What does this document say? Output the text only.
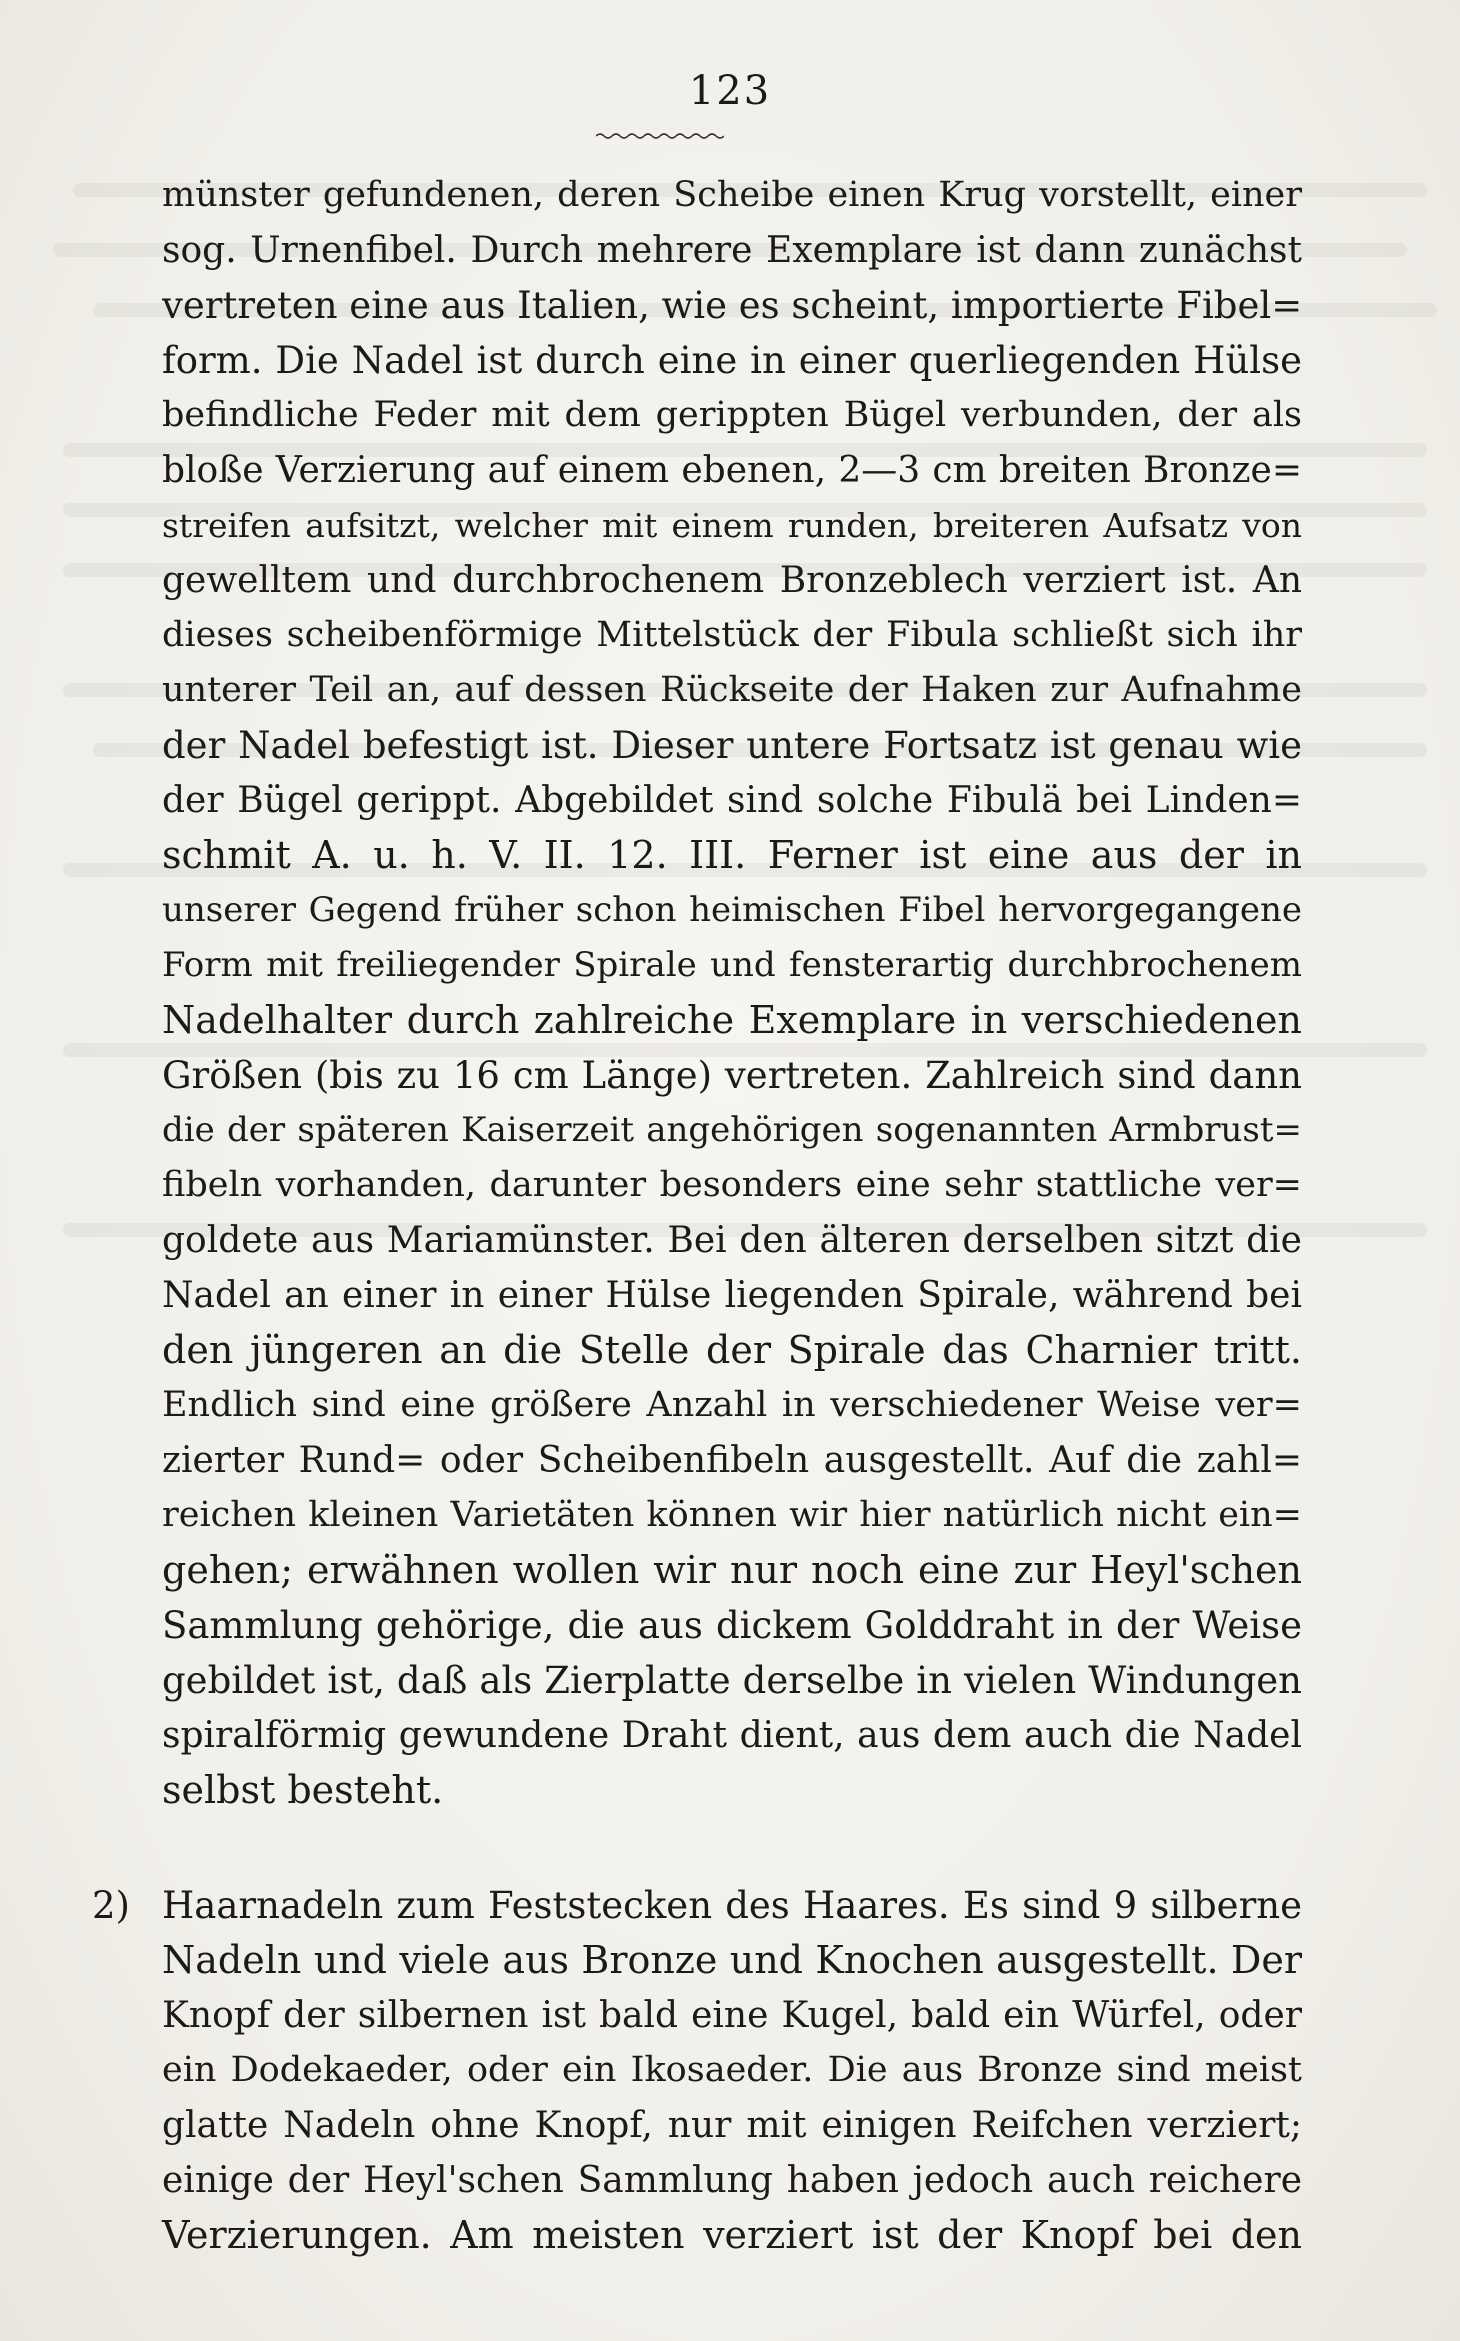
123
münster gefundenen, deren Scheibe einen Krug vorstellt, einer
sog. Urnenfibel. Durch mehrere Exemplare ist dann zunächst
vertreten eine aus Italien, wie es scheint, importierte Fibel=
form. Die Nadel ist durch eine in einer querliegenden Hülse
befindliche Feder mit dem gerippten Bügel verbunden, der als
bloße Verzierung auf einem ebenen, 2—3 cm breiten Bronze=
streifen aufsitzt, welcher mit einem runden, breiteren Aufsatz von
gewelltem und durchbrochenem Bronzeblech verziert ist. An
dieses scheibenförmige Mittelstück der Fibula schließt sich ihr
unterer Teil an, auf dessen Rückseite der Haken zur Aufnahme
der Nadel befestigt ist. Dieser untere Fortsatz ist genau wie
der Bügel gerippt. Abgebildet sind solche Fibulä bei Linden=
schmit A. u. h. V. II. 12. III. Ferner ist eine aus der in
unserer Gegend früher schon heimischen Fibel hervorgegangene
Form mit freiliegender Spirale und fensterartig durchbrochenem
Nadelhalter durch zahlreiche Exemplare in verschiedenen
Größen (bis zu 16 cm Länge) vertreten. Zahlreich sind dann
die der späteren Kaiserzeit angehörigen sogenannten Armbrust=
fibeln vorhanden, darunter besonders eine sehr stattliche ver=
goldete aus Mariamünster. Bei den älteren derselben sitzt die
Nadel an einer in einer Hülse liegenden Spirale, während bei
den jüngeren an die Stelle der Spirale das Charnier tritt.
Endlich sind eine größere Anzahl in verschiedener Weise ver=
zierter Rund= oder Scheibenfibeln ausgestellt. Auf die zahl=
reichen kleinen Varietäten können wir hier natürlich nicht ein=
gehen; erwähnen wollen wir nur noch eine zur Heyl'schen
Sammlung gehörige, die aus dickem Golddraht in der Weise
gebildet ist, daß als Zierplatte derselbe in vielen Windungen
spiralförmig gewundene Draht dient, aus dem auch die Nadel
selbst besteht.
2) Haarnadeln zum Feststecken des Haares. Es sind 9 silberne
Nadeln und viele aus Bronze und Knochen ausgestellt. Der
Knopf der silbernen ist bald eine Kugel, bald ein Würfel, oder
ein Dodekaeder, oder ein Ikosaeder. Die aus Bronze sind meist
glatte Nadeln ohne Knopf, nur mit einigen Reifchen verziert;
einige der Heyl'schen Sammlung haben jedoch auch reichere
Verzierungen. Am meisten verziert ist der Knopf bei den
